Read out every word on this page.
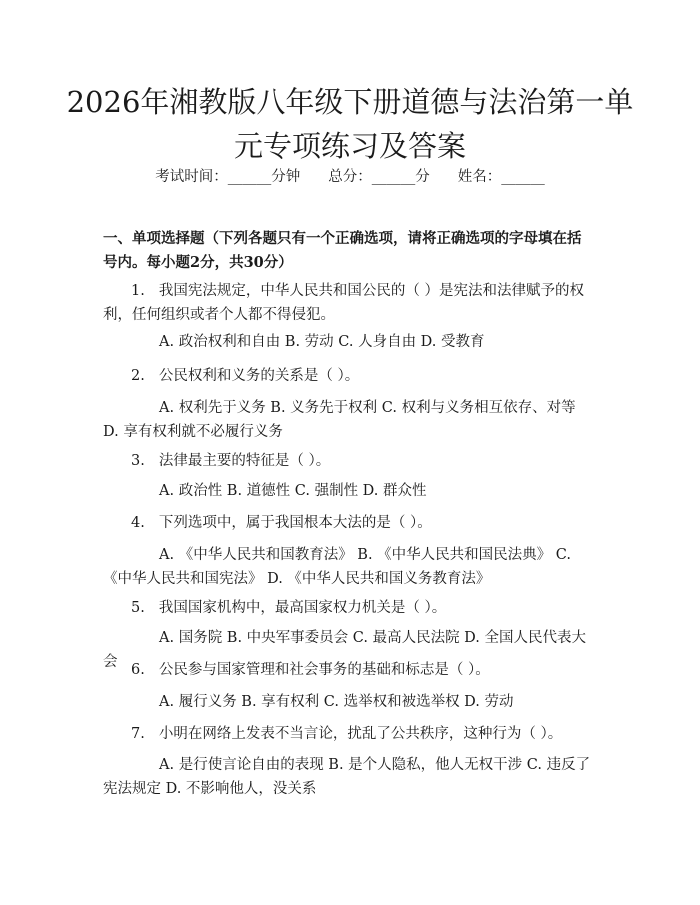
2026年湘教版八年级下册道德与法治第一单元专项练习及答案
考试时间：______分钟 总分：______分 姓名：______

一、单项选择题（下列各题只有一个正确选项，请将正确选项的字母填在括号内。每小题2分，共30分）

1. 我国宪法规定，中华人民共和国公民的（ ）是宪法和法律赋予的权利，任何组织或者个人都不得侵犯。

A. 政治权利和自由 B. 劳动 C. 人身自由 D. 受教育

2. 公民权利和义务的关系是（ ）。

A. 权利先于义务 B. 义务先于权利 C. 权利与义务相互依存、对等 D. 享有权利就不必履行义务

3. 法律最主要的特征是（ ）。

A. 政治性 B. 道德性 C. 强制性 D. 群众性

4. 下列选项中，属于我国根本大法的是（ ）。

A. 《中华人民共和国教育法》 B. 《中华人民共和国民法典》 C. 《中华人民共和国宪法》 D. 《中华人民共和国义务教育法》

5. 我国国家机构中，最高国家权力机关是（ ）。

A. 国务院 B. 中央军事委员会 C. 最高人民法院 D. 全国人民代表大会 6. 公民参与国家管理和社会事务的基础和标志是（ ）。

A. 履行义务 B. 享有权利 C. 选举权和被选举权 D. 劳动

7. 小明在网络上发表不当言论，扰乱了公共秩序，这种行为（ ）。

A. 是行使言论自由的表现 B. 是个人隐私，他人无权干涉 C. 违反了宪法规定 D. 不影响他人，没关系
